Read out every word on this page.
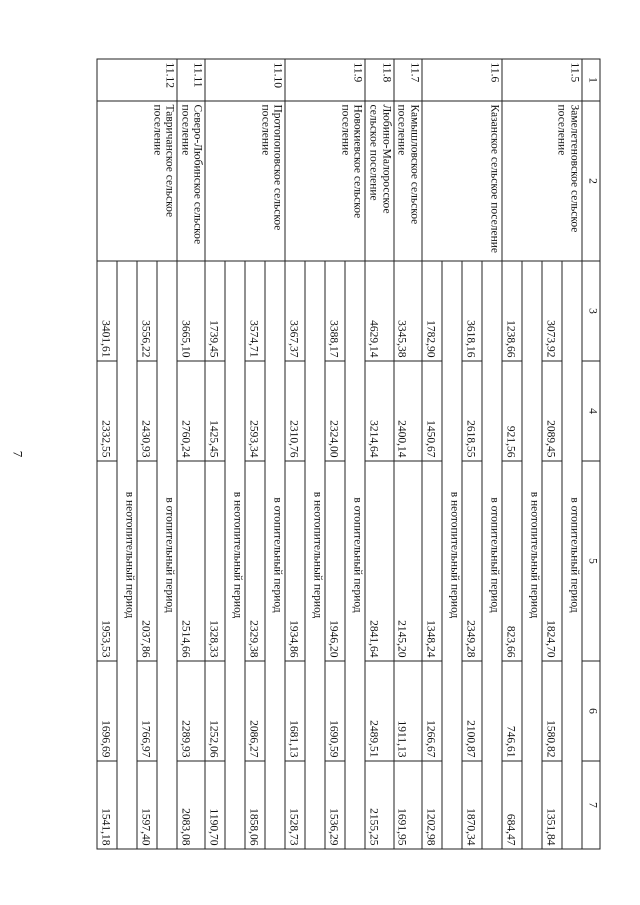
7
1	2	3	4	5	6	7
11.5	Замелетеновское сельское поселение	в отопительный период				
		3073,92	2089,45	1824,70	1580,82	1351,84
		в неотопительный период				
		1238,66	921,56	823,66	746,61	684,47
11.6	Казанское сельское поселение	в отопительный период				
		3618,16	2618,55	2349,28	2100,87	1870,34
		в неотопительный период				
		1782,90	1450,67	1348,24	1266,67	1202,98
11.7	Камышловское сельское поселение	3345,38	2400,14	2145,20	1911,13	1691,95
11.8	Любино-Малоросское сельское поселение	4629,14	3214,64	2841,64	2489,51	2155,25
11.9	Новокиевское сельское поселение	в отопительный период				
		3388,17	2324,00	1946,20	1690,59	1536,29
		в неотопительный период				
		3367,37	2310,76	1934,86	1681,13	1528,73
11.10	Протопоповское сельское поселение	в отопительный период				
		3574,71	2593,34	2329,38	2086,27	1858,06
		в неотопительный период				
		1739,45	1425,45	1328,33	1252,06	1190,70
11.11	Северо-Любинское сельское поселение	3665,10	2760,24	2514,66	2289,93	2083,08
11.12	Тавричанское сельское поселение	в отопительный период				
		3556,22	2430,93	2037,86	1766,97	1597,40
		в неотопительный период				
		3401,61	2332,55	1953,53	1696,69	1541,18
